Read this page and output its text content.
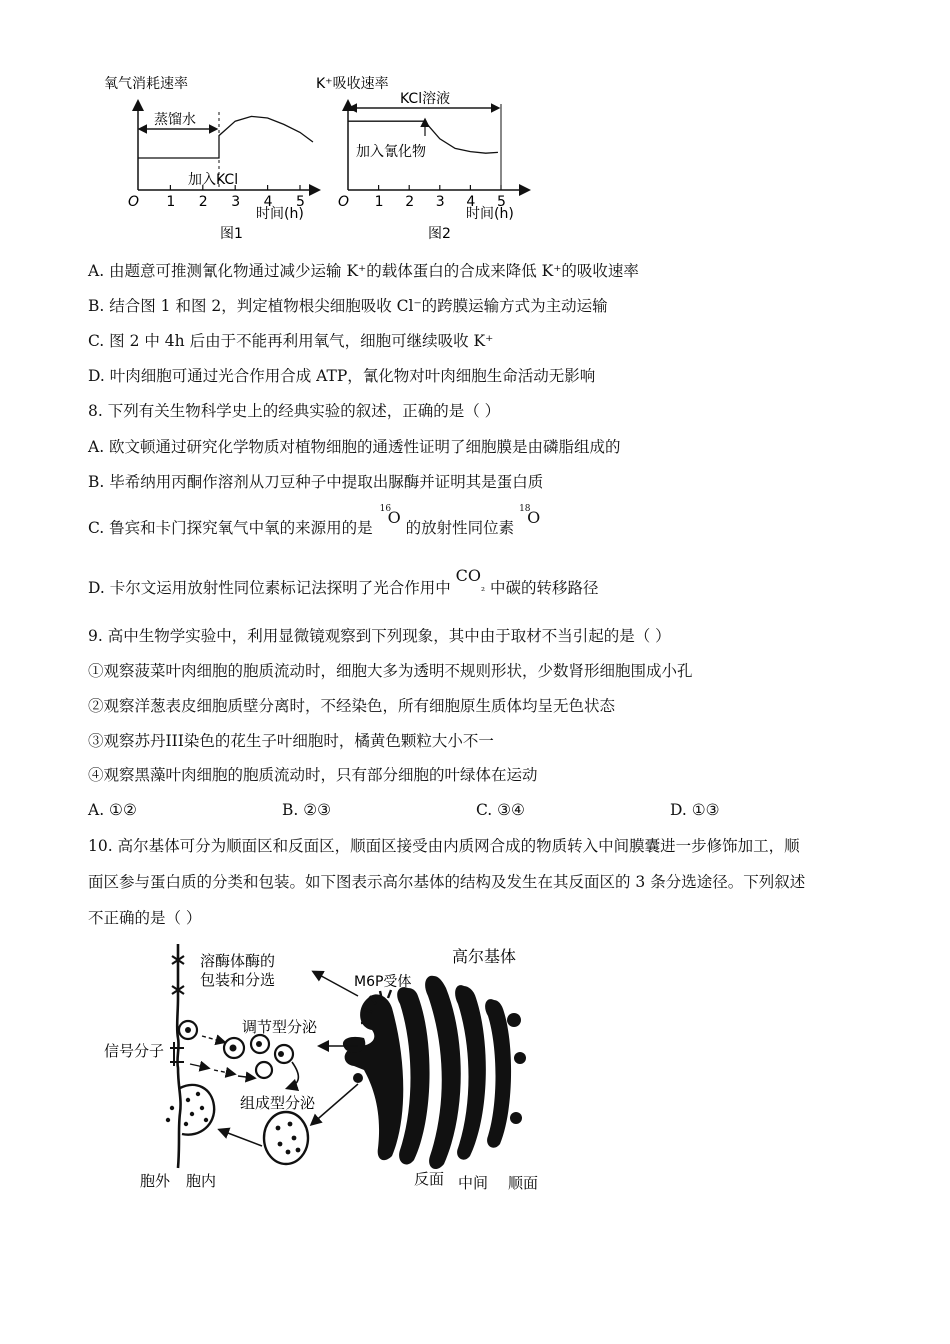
氧气消耗速率
O 1 2 3 4 5
时间(h)
蒸馏水
加入KCl
图1
K⁺吸收速率
O 1 2 3 4 5
时间(h)
KCl溶液
加入氰化物
图2
A. 由题意可推测氰化物通过减少运输 K⁺的载体蛋白的合成来降低 K⁺的吸收速率
B. 结合图 1 和图 2，判定植物根尖细胞吸收 Cl⁻的跨膜运输方式为主动运输
C. 图 2 中 4h 后由于不能再利用氧气，细胞可继续吸收 K⁺
D. 叶肉细胞可通过光合作用合成 ATP，氰化物对叶肉细胞生命活动无影响
8. 下列有关生物科学史上的经典实验的叙述，正确的是（ ）
A. 欧文顿通过研究化学物质对植物细胞的通透性证明了细胞膜是由磷脂组成的
B. 毕希纳用丙酮作溶剂从刀豆种子中提取出脲酶并证明其是蛋白质
C. 鲁宾和卡门探究氧气中氧的来源用的是
16
O 的放射性同位素
18
O
D. 卡尔文运用放射性同位素标记法探明了光合作用中 $CO_{_2}$ 中碳的转移路径
9. 高中生物学实验中，利用显微镜观察到下列现象，其中由于取材不当引起的是（ ）
①观察菠菜叶肉细胞的胞质流动时，细胞大多为透明不规则形状，少数肾形细胞围成小孔
②观察洋葱表皮细胞质壁分离时，不经染色，所有细胞原生质体均呈无色状态
③观察苏丹III染色的花生子叶细胞时，橘黄色颗粒大小不一
④观察黑藻叶肉细胞的胞质流动时，只有部分细胞的叶绿体在运动
A. ①②	B. ②③	C. ③④	D. ①③
10. 高尔基体可分为顺面区和反面区，顺面区接受由内质网合成的物质转入中间膜囊进一步修饰加工，顺
面区参与蛋白质的分类和包装。如下图表示高尔基体的结构及发生在其反面区的 3 条分选途径。下列叙述
不正确的是（ ）
高尔基体
M6P受体
溶酶体酶的
包装和分选
调节型分泌
信号分子
组成型分泌
胞外 胞内	反面 中间 顺面
